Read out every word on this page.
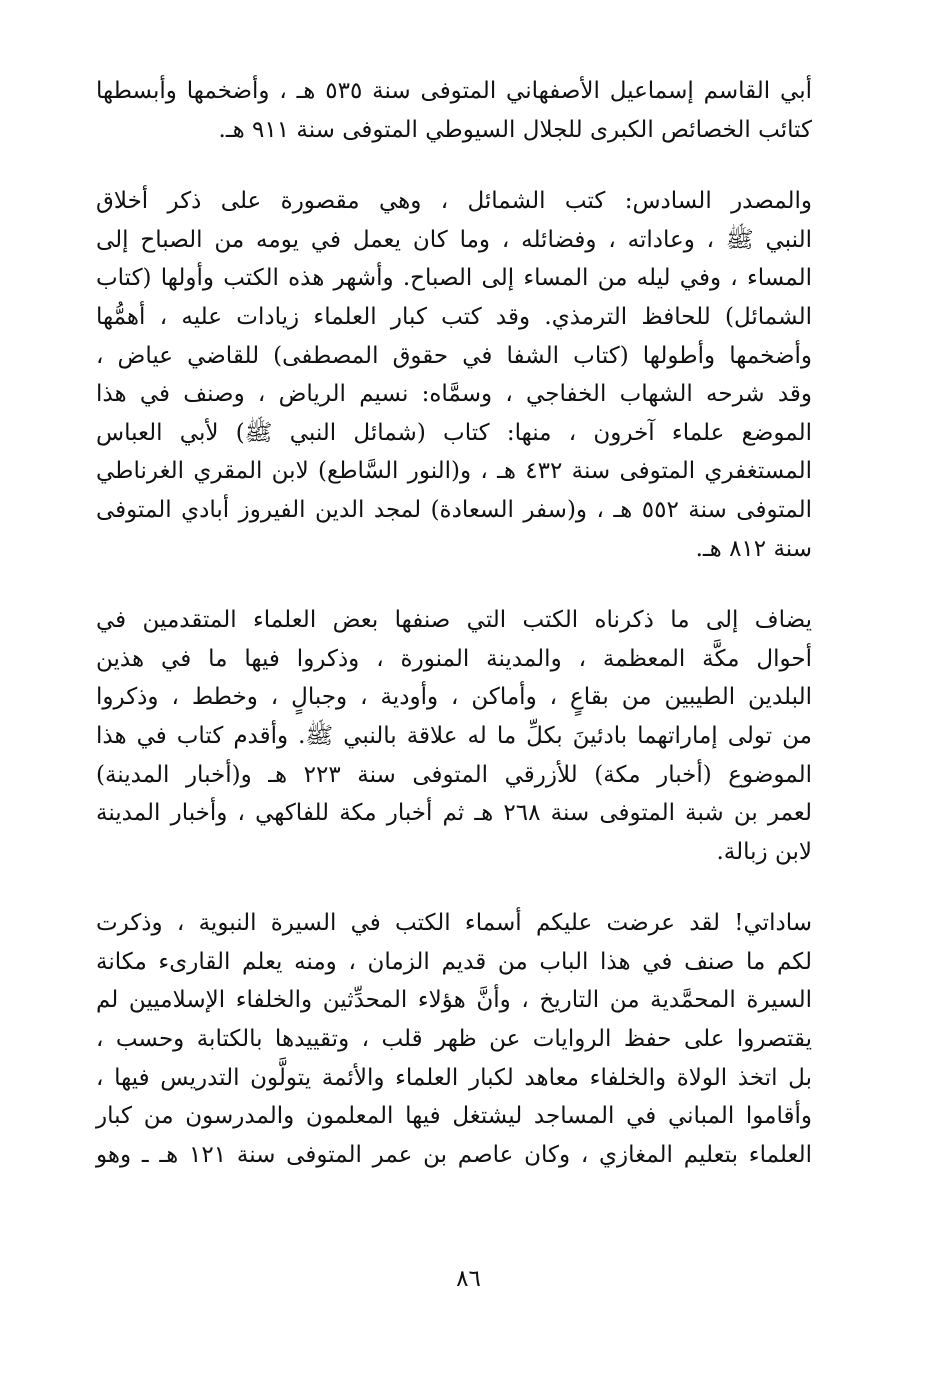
أبي القاسم إسماعيل الأصفهاني المتوفى سنة ٥٣٥ هـ ، وأضخمها وأبسطها
كتائب الخصائص الكبرى للجلال السيوطي المتوفى سنة ٩١١ هـ.
والمصدر السادس: كتب الشمائل ، وهي مقصورة على ذكر أخلاق
النبي ﷺ ، وعاداته ، وفضائله ، وما كان يعمل في يومه من الصباح إلى
المساء ، وفي ليله من المساء إلى الصباح. وأشهر هذه الكتب وأولها (كتاب
الشمائل) للحافظ الترمذي. وقد كتب كبار العلماء زيادات عليه ، أهمُّها
وأضخمها وأطولها (كتاب الشفا في حقوق المصطفى) للقاضي عياض ،
وقد شرحه الشهاب الخفاجي ، وسمَّاه: نسيم الرياض ، وصنف في هذا
الموضع علماء آخرون ، منها: كتاب (شمائل النبي ﷺ) لأبي العباس
المستغفري المتوفى سنة ٤٣٢ هـ ، و(النور السَّاطع) لابن المقري الغرناطي
المتوفى سنة ٥٥٢ هـ ، و(سفر السعادة) لمجد الدين الفيروز أبادي المتوفى
سنة ٨١٢ هـ.
يضاف إلى ما ذكرناه الكتب التي صنفها بعض العلماء المتقدمين في
أحوال مكَّة المعظمة ، والمدينة المنورة ، وذكروا فيها ما في هذين
البلدين الطيبين من بقاعٍ ، وأماكن ، وأودية ، وجبالٍ ، وخطط ، وذكروا
من تولى إماراتهما بادئينَ بكلِّ ما له علاقة بالنبي ﷺ. وأقدم كتاب في هذا
الموضوع (أخبار مكة) للأزرقي المتوفى سنة ٢٢٣ هـ و(أخبار المدينة)
لعمر بن شبة المتوفى سنة ٢٦٨ هـ ثم أخبار مكة للفاكهي ، وأخبار المدينة
لابن زبالة.
ساداتي! لقد عرضت عليكم أسماء الكتب في السيرة النبوية ، وذكرت
لكم ما صنف في هذا الباب من قديم الزمان ، ومنه يعلم القارىء مكانة
السيرة المحمَّدية من التاريخ ، وأنَّ هؤلاء المحدِّثين والخلفاء الإسلاميين لم
يقتصروا على حفظ الروايات عن ظهر قلب ، وتقييدها بالكتابة وحسب ،
بل اتخذ الولاة والخلفاء معاهد لكبار العلماء والأئمة يتولَّون التدريس فيها ،
وأقاموا المباني في المساجد ليشتغل فيها المعلمون والمدرسون من كبار
العلماء بتعليم المغازي ، وكان عاصم بن عمر المتوفى سنة ١٢١ هـ ـ وهو
٨٦
